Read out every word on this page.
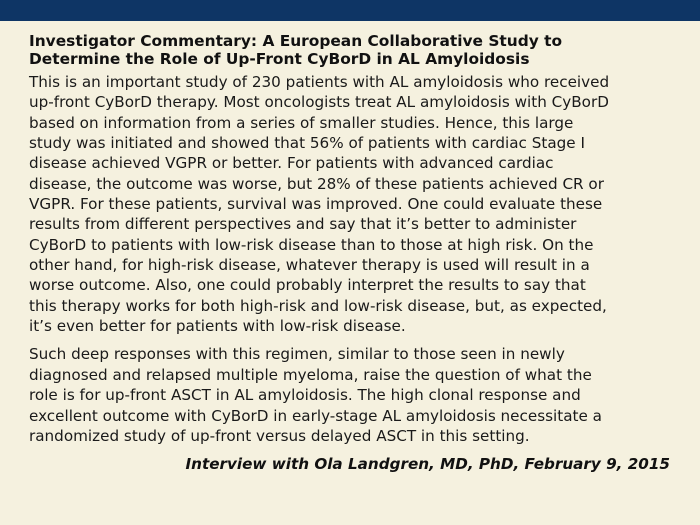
Investigator Commentary: A European Collaborative Study to
Determine the Role of Up-Front CyBorD in AL Amyloidosis

This is an important study of 230 patients with AL amyloidosis who received
up-front CyBorD therapy. Most oncologists treat AL amyloidosis with CyBorD
based on information from a series of smaller studies. Hence, this large
study was initiated and showed that 56% of patients with cardiac Stage I
disease achieved VGPR or better. For patients with advanced cardiac
disease, the outcome was worse, but 28% of these patients achieved CR or
VGPR. For these patients, survival was improved. One could evaluate these
results from different perspectives and say that it’s better to administer
CyBorD to patients with low-risk disease than to those at high risk. On the
other hand, for high-risk disease, whatever therapy is used will result in a
worse outcome. Also, one could probably interpret the results to say that
this therapy works for both high-risk and low-risk disease, but, as expected,
it’s even better for patients with low-risk disease.

Such deep responses with this regimen, similar to those seen in newly
diagnosed and relapsed multiple myeloma, raise the question of what the
role is for up-front ASCT in AL amyloidosis. The high clonal response and
excellent outcome with CyBorD in early-stage AL amyloidosis necessitate a
randomized study of up-front versus delayed ASCT in this setting.

Interview with Ola Landgren, MD, PhD, February 9, 2015
